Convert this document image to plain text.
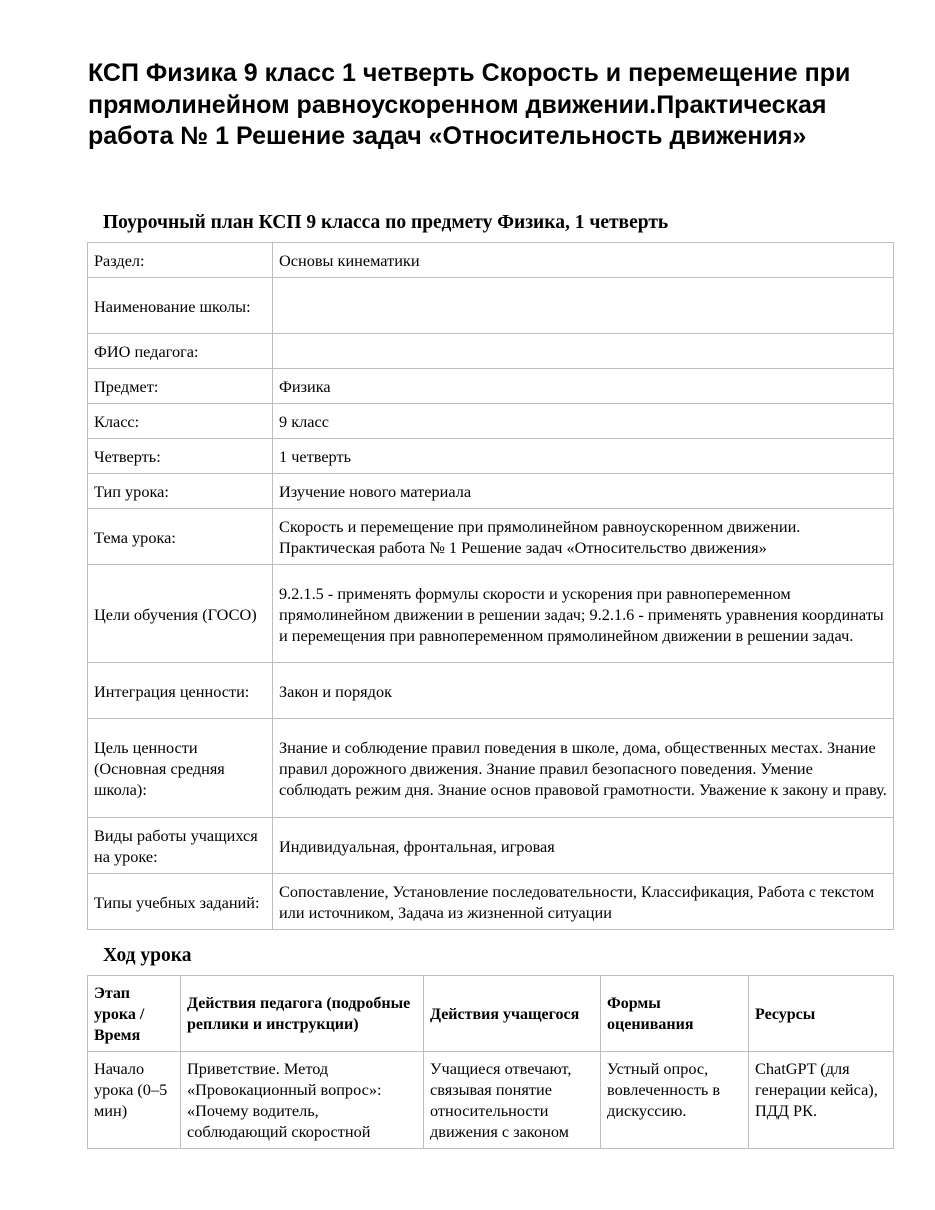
КСП Физика 9 класс 1 четверть Скорость и перемещение при прямолинейном равноускоренном движении.Практическая работа № 1 Решение задач «Относительность движения»
Поурочный план КСП 9 класса по предмету Физика, 1 четверть
Раздел:	Основы кинематики
Наименование школы:	
ФИО педагога:	
Предмет:	Физика
Класс:	9 класс
Четверть:	1 четверть
Тип урока:	Изучение нового материала
Тема урока:	Скорость и перемещение при прямолинейном равноускоренном движении. Практическая работа № 1 Решение задач «Относительство движения»
Цели обучения (ГОСО)	9.2.1.5 - применять формулы скорости и ускорения при равнопеременном прямолинейном движении в решении задач; 9.2.1.6 - применять уравнения координаты и перемещения при равнопеременном прямолинейном движении в решении задач.
Интеграция ценности:	Закон и порядок
Цель ценности (Основная средняя школа):	Знание и соблюдение правил поведения в школе, дома, общественных местах. Знание правил дорожного движения. Знание правил безопасного поведения. Умение соблюдать режим дня. Знание основ правовой грамотности. Уважение к закону и праву.
Виды работы учащихся на уроке:	Индивидуальная, фронтальная, игровая
Типы учебных заданий:	Сопоставление, Установление последовательности, Классификация, Работа с текстом или источником, Задача из жизненной ситуации
Ход урока
Этап урока / Время	Действия педагога (подробные реплики и инструкции)	Действия учащегося	Формы оценивания	Ресурсы
Начало урока (0–5 мин)	Приветствие. Метод «Провокационный вопрос»: «Почему водитель, соблюдающий скоростной	Учащиеся отвечают, связывая понятие относительности движения с законом	Устный опрос, вовлеченность в дискуссию.	ChatGPT (для генерации кейса), ПДД РК.
